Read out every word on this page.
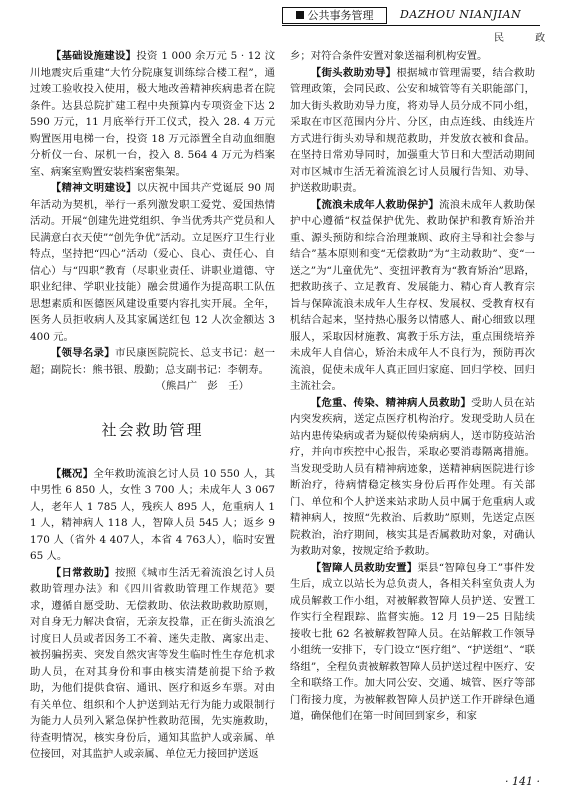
公共事务管理	DAZHOU NIANJIAN
民 政

【基础设施建设】投资 1 000 余万元 5 · 12 汶川地震灾后重建“大竹分院康复训练综合楼工程”，通过竣工验收投入使用，极大地改善精神疾病患者在院条件。达县总院扩建工程中央预算内专项资金下达 2 590 万元，11 月底举行开工仪式，投入 28. 4 万元购置医用电梯一台，投资 18 万元添置全自动血细胞分析仪一台、尿机一台，投入 8. 564 4 万元为档案室、病案室购置安装档案密集架。

【精神文明建设】以庆祝中国共产党诞辰 90 周年活动为契机，举行一系列激发职工爱党、爱国热情活动。开展“创建先进党组织、争当优秀共产党员和人民满意白衣天使”“创先争优”活动。立足医疗卫生行业特点，坚持把“四心”活动（爱心、良心、责任心、自信心）与“四职”教育（尽职业责任、讲职业道德、守职业纪律、学职业技能）融会贯通作为提高职工队伍思想素质和医德医风建设重要内容扎实开展。全年，医务人员拒收病人及其家属送红包 12 人次金额达 3 400 元。

【领导名录】市民康医院院长、总支书记：赵一超；副院长：熊书银、殷勤；总支副书记：李朝寿。

（熊昌广　彭　壬）
社会救助管理

【概况】全年救助流浪乞讨人员 10 550 人，其中男性 6 850 人，女性 3 700 人；未成年人 3 067 人，老年人 1 785 人，残疾人 895 人，危重病人 11 人，精神病人 118 人，智障人员 545 人；返乡 9 170 人（省外 4 407人，本省 4 763人），临时安置 65 人。

【日常救助】按照《城市生活无着流浪乞讨人员救助管理办法》和《四川省救助管理工作规范》要求，遵循自愿受助、无偿救助、依法救助救助原则，对自身无力解决食宿，无亲友投靠，正在街头流浪乞讨度日人员或者因务工不着、迷失走散、离家出走、被拐骗拐卖、突发自然灾害等发生临时性生存危机求助人员，在对其身份和事由核实清楚前提下给予救助，为他们提供食宿、通讯、医疗和返乡车票。对由有关单位、组织和个人护送到站无行为能力或限制行为能力人员列入紧急保护性救助范围，先实施救助，待查明情况，核实身份后，通知其监护人或亲属、单位接回，对其监护人或亲属、单位无力接回护送返

乡；对符合条件安置对象送福利机构安置。

【街头救助劝导】根据城市管理需要，结合救助管理政策，会同民政、公安和城管等有关职能部门，加大街头救助劝导力度，将劝导人员分成不同小组，采取在市区范围内分片、分区，由点连线、由线连片方式进行街头劝导和规范救助，并发放衣被和食品。在坚持日常劝导同时，加强重大节日和大型活动期间对市区城市生活无着流浪乞讨人员履行告知、劝导、护送救助职责。

【流浪未成年人救助保护】流浪未成年人救助保护中心遵循“权益保护优先、救助保护和教育矫治并重、源头预防和综合治理兼顾、政府主导和社会参与结合”基本原则和变“无偿救助”为“主动救助”、变“一送之”为“儿童优先”、变扭评教育为“教育矫治”思路，把救助孩子、立足教育、发展能力、精心育人教育宗旨与保障流浪未成年人生存权、发展权、受教育权有机结合起来，坚持热心服务以情感人、耐心细致以理服人，采取因材施教、寓教于乐方法，重点围绕培养未成年人自信心，矫治未成年人不良行为，预防再次流浪，促使未成年人真正回归家庭、回归学校、回归主流社会。

【危重、传染、精神病人员救助】受助人员在站内突发疾病，送定点医疗机构治疗。发现受助人员在站内患传染病或者为疑似传染病病人，送市防疫站治疗，并向市疾控中心报告，采取必要消毒隔离措施。当发现受助人员有精神病迹象，送精神病医院进行诊断治疗，待病情稳定核实身份后再作处理。有关部门、单位和个人护送来站求助人员中属于危重病人或精神病人，按照“先救治、后救助”原则，先送定点医院救治，治疗期间，核实其是否属救助对象，对确认为救助对象，按规定给予救助。

【智障人员救助安置】渠县“智障包身工”事件发生后，成立以站长为总负责人，各相关科室负责人为成员解救工作小组，对被解救智障人员护送、安置工作实行全程跟踪、监督实施。12 月 19－25 日陆续接收七批 62 名被解救智障人员。在站解救工作领导小组统一安排下，专门设立“医疗组”、“护送组”、“联络组”，全程负责被解救智障人员护送过程中医疗、安全和联络工作。加大同公安、交通、城管、医疗等部门衔接力度，为被解救智障人员护送工作开辟绿色通道，确保他们在第一时间回到家乡，和家

· 141 ·
